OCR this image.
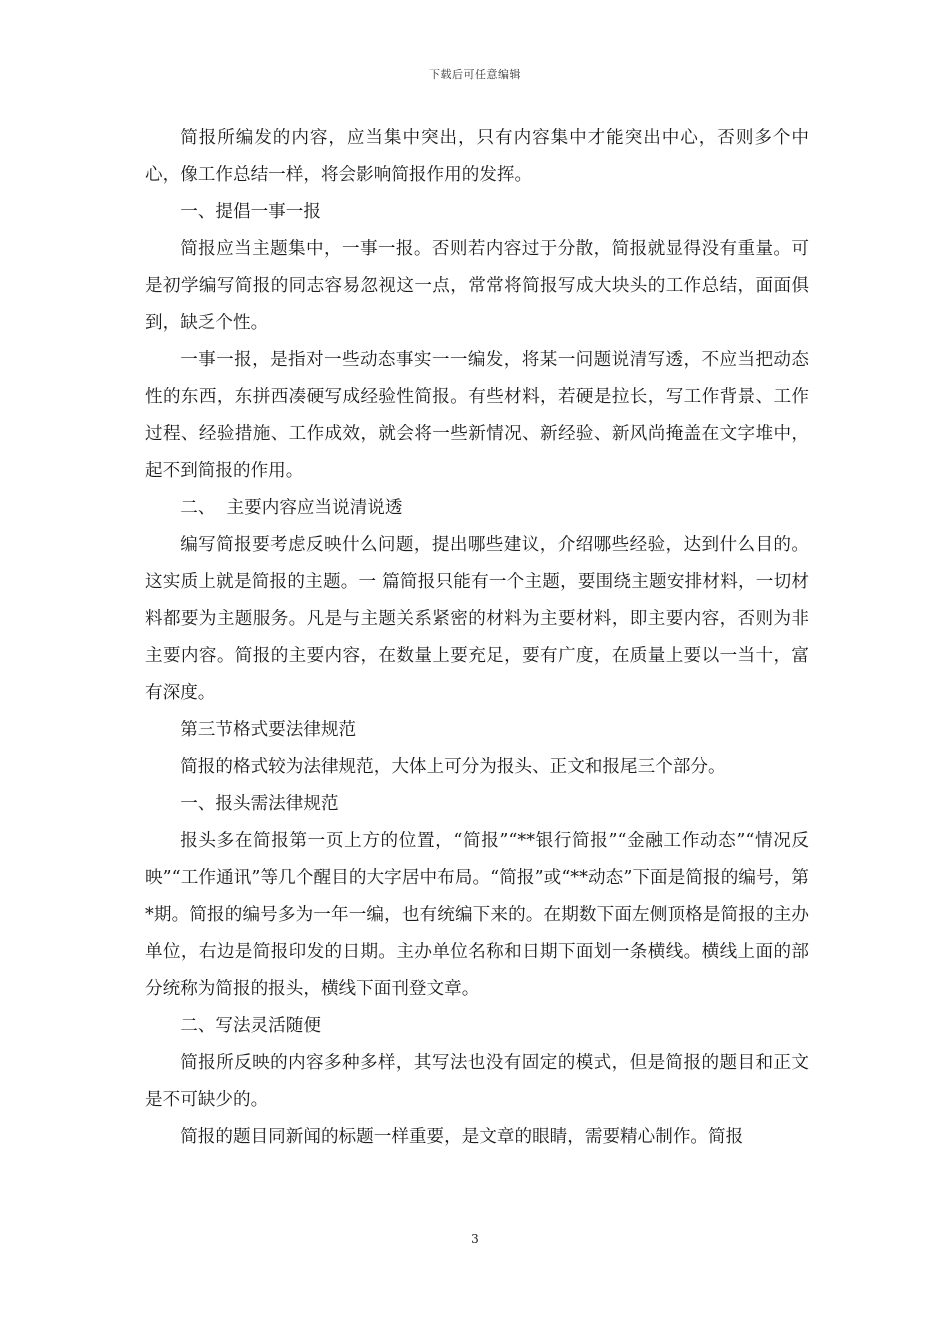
下载后可任意编辑

简报所编发的内容，应当集中突出，只有内容集中才能突出中心，否则多个中心，像工作总结一样，将会影响简报作用的发挥。

一、提倡一事一报

简报应当主题集中，一事一报。否则若内容过于分散，简报就显得没有重量。可是初学编写简报的同志容易忽视这一点，常常将简报写成大块头的工作总结，面面俱到，缺乏个性。

一事一报，是指对一些动态事实一一编发，将某一问题说清写透，不应当把动态性的东西，东拼西凑硬写成经验性简报。有些材料，若硬是拉长，写工作背景、工作过程、经验措施、工作成效，就会将一些新情况、新经验、新风尚掩盖在文字堆中，起不到简报的作用。

二、  主要内容应当说清说透

编写简报要考虑反映什么问题，提出哪些建议，介绍哪些经验，达到什么目的。这实质上就是简报的主题。一 篇简报只能有一个主题，要围绕主题安排材料，一切材料都要为主题服务。凡是与主题关系紧密的材料为主要材料，即主要内容，否则为非主要内容。简报的主要内容，在数量上要充足，要有广度，在质量上要以一当十，富有深度。

第三节格式要法律规范

简报的格式较为法律规范，大体上可分为报头、正文和报尾三个部分。

一、报头需法律规范

报头多在简报第一页上方的位置，“简报”“**银行简报”“金融工作动态”“情况反映”“工作通讯”等几个醒目的大字居中布局。“简报”或“**动态”下面是简报的编号，第*期。简报的编号多为一年一编，也有统编下来的。在期数下面左侧顶格是简报的主办单位，右边是简报印发的日期。主办单位名称和日期下面划一条横线。横线上面的部分统称为简报的报头，横线下面刊登文章。

二、写法灵活随便

简报所反映的内容多种多样，其写法也没有固定的模式，但是简报的题目和正文是不可缺少的。

简报的题目同新闻的标题一样重要，是文章的眼睛，需要精心制作。简报

3
